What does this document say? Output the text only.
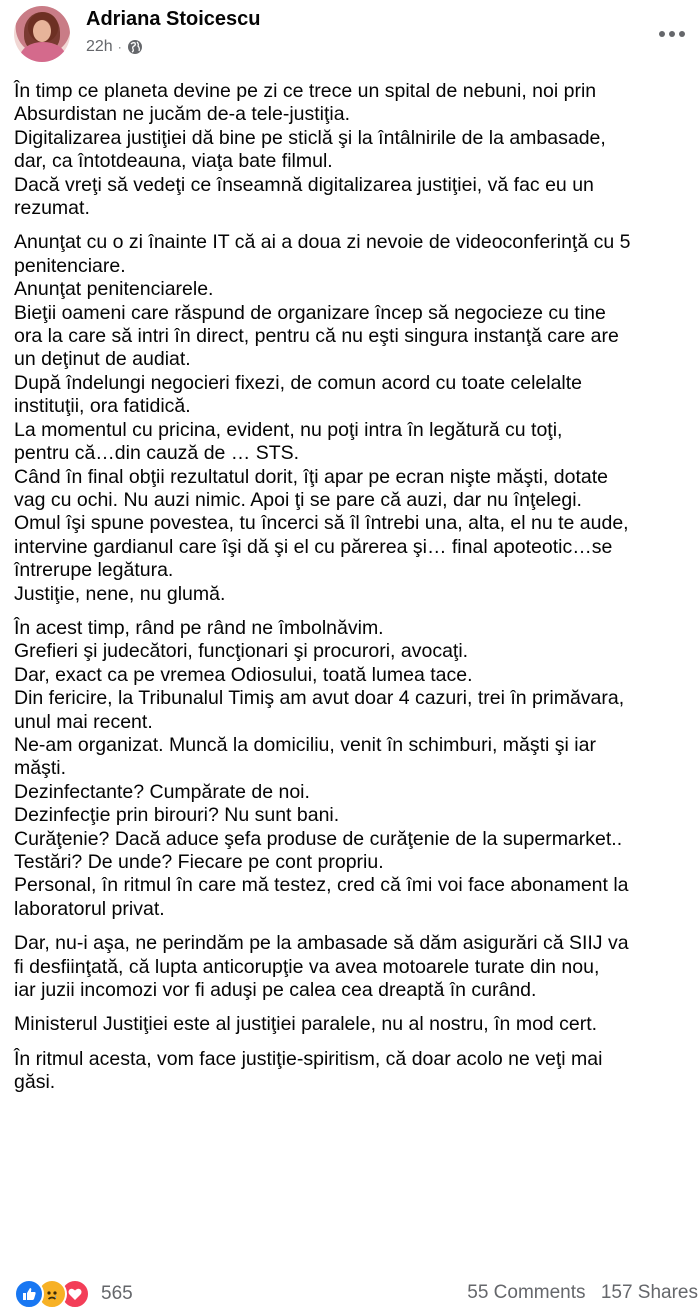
Adriana Stoicescu
22h ·
În timp ce planeta devine pe zi ce trece un spital de nebuni, noi prin
Absurdistan ne jucăm de-a tele-justiţia.
Digitalizarea justiţiei dă bine pe sticlă şi la întâlnirile de la ambasade,
dar, ca întotdeauna, viaţa bate filmul.
Dacă vreţi să vedeţi ce înseamnă digitalizarea justiţiei, vă fac eu un
rezumat.
Anunţat cu o zi înainte IT că ai a doua zi nevoie de videoconferinţă cu 5
penitenciare.
Anunţat penitenciarele.
Bieţii oameni care răspund de organizare încep să negocieze cu tine
ora la care să intri în direct, pentru că nu eşti singura instanţă care are
un deţinut de audiat.
După îndelungi negocieri fixezi, de comun acord cu toate celelalte
instituţii, ora fatidică.
La momentul cu pricina, evident, nu poţi intra în legătură cu toţi,
pentru că…din cauză de … STS.
Când în final obţii rezultatul dorit, îţi apar pe ecran nişte măşti, dotate
vag cu ochi. Nu auzi nimic. Apoi ţi se pare că auzi, dar nu înţelegi.
Omul îşi spune povestea, tu încerci să îl întrebi una, alta, el nu te aude,
intervine gardianul care îşi dă şi el cu părerea şi… final apoteotic…se
întrerupe legătura.
Justiţie, nene, nu glumă.
În acest timp, rând pe rând ne îmbolnăvim.
Grefieri şi judecători, funcţionari şi procurori, avocaţi.
Dar, exact ca pe vremea Odiosului, toată lumea tace.
Din fericire, la Tribunalul Timiş am avut doar 4 cazuri, trei în primăvara,
unul mai recent.
Ne-am organizat. Muncă la domiciliu, venit în schimburi, măşti şi iar
măşti.
Dezinfectante? Cumpărate de noi.
Dezinfecţie prin birouri? Nu sunt bani.
Curăţenie? Dacă aduce şefa produse de curăţenie de la supermarket..
Testări? De unde? Fiecare pe cont propriu.
Personal, în ritmul în care mă testez, cred că îmi voi face abonament la
laboratorul privat.
Dar, nu-i aşa, ne perindăm pe la ambasade să dăm asigurări că SIIJ va
fi desfiinţată, că lupta anticorupţie va avea motoarele turate din nou,
iar juzii incomozi vor fi aduşi pe calea cea dreaptă în curând.
Ministerul Justiţiei este al justiţiei paralele, nu al nostru, în mod cert.
În ritmul acesta, vom face justiţie-spiritism, că doar acolo ne veţi mai
găsi.
565	55 Comments 157 Shares
